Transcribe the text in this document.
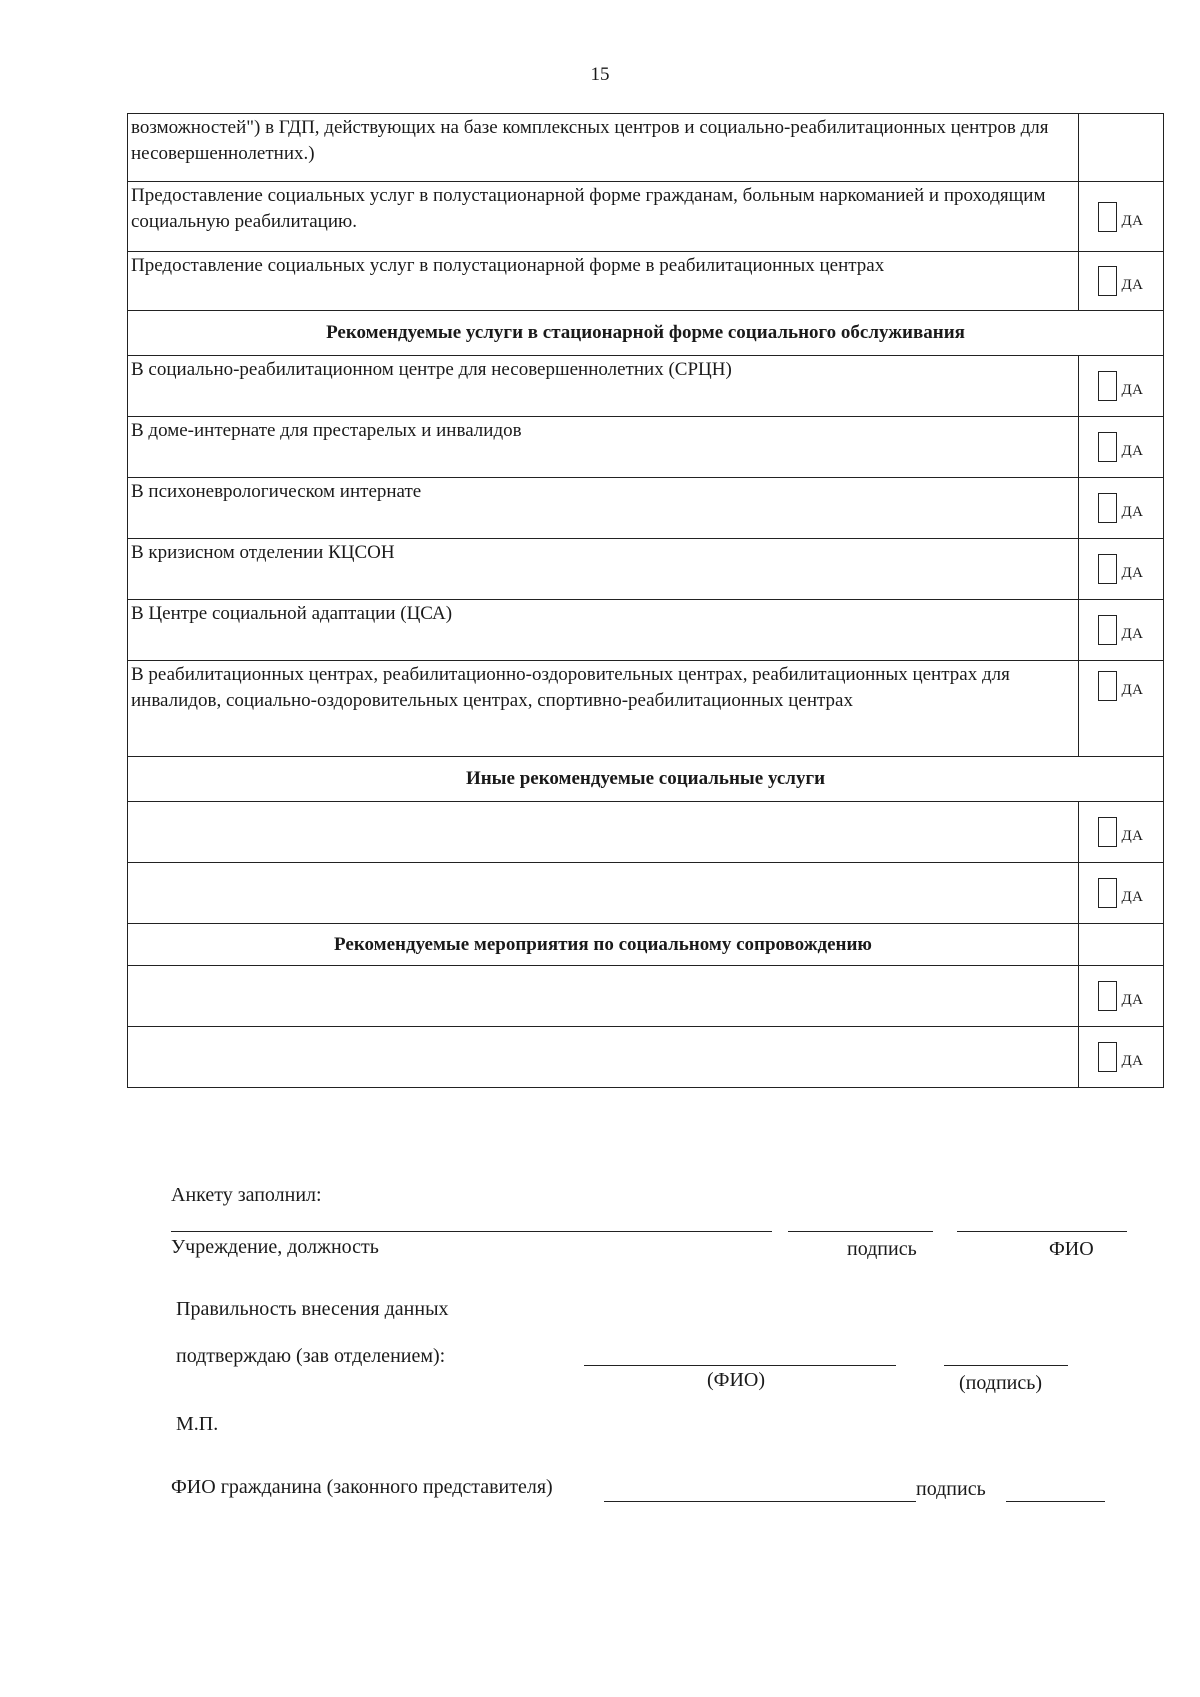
15
возможностей") в ГДП, действующих на базе комплексных центров и социально-реабилитационных центров для несовершеннолетних.)	
Предоставление социальных услуг в полустационарной форме гражданам, больным наркоманией и проходящим социальную реабилитацию.	ДА

Предоставление социальных услуг в полустационарной форме в реабилитационных центрах	ДА

Рекомендуемые услуги в стационарной форме социального обслуживания	
В социально-реабилитационном центре для несовершеннолетних (СРЦН)	ДА

В доме-интернате для престарелых и инвалидов	ДА

В психоневрологическом интернате	ДА

В кризисном отделении КЦСОН	ДА

В Центре социальной адаптации (ЦСА)	ДА

В реабилитационных центрах, реабилитационно-оздоровительных центрах, реабилитационных центрах для инвалидов, социально-оздоровительных центрах, спортивно-реабилитационных центрах	ДА

Иные рекомендуемые социальные услуги	

	ДА

	ДА

Рекомендуемые мероприятия по социальному сопровождению	

	ДА

	ДА
Анкету заполнил:
Учреждение, должность	подпись	ФИО
Правильность внесения данных
подтверждаю (зав отделением):
(ФИО)	(подпись)
М.П.
ФИО гражданина (законного представителя)	подпись
